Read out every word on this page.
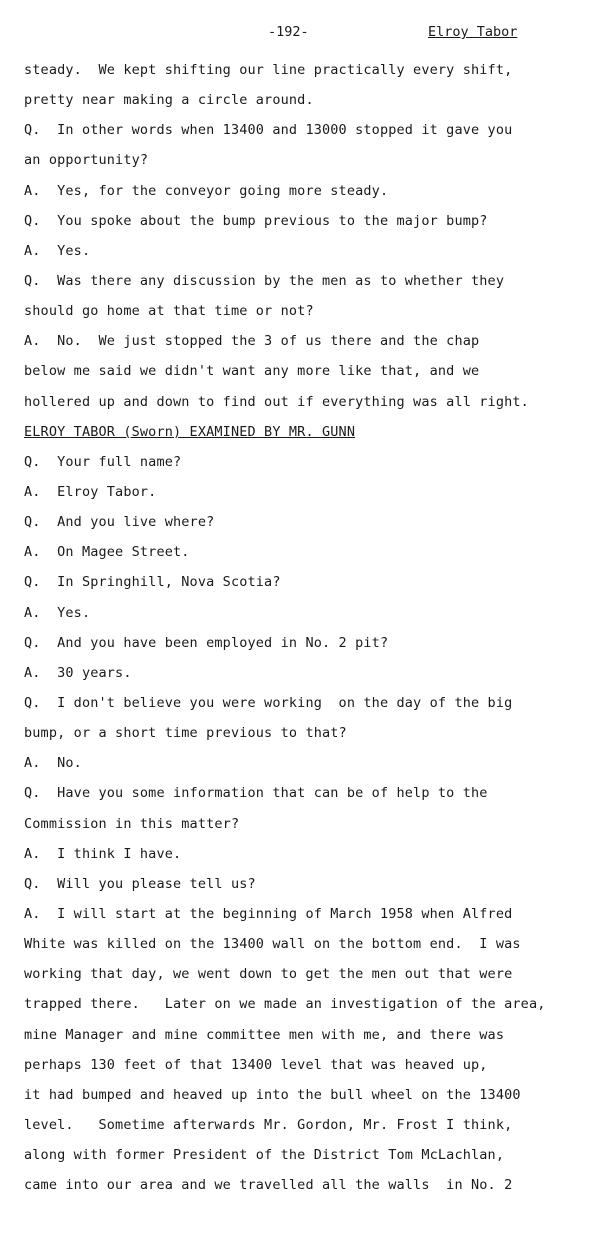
-192-	Elroy Tabor
steady.  We kept shifting our line practically every shift,
pretty near making a circle around.
Q.  In other words when 13400 and 13000 stopped it gave you
an opportunity?
A.  Yes, for the conveyor going more steady.
Q.  You spoke about the bump previous to the major bump?
A.  Yes.
Q.  Was there any discussion by the men as to whether they
should go home at that time or not?
A.  No.  We just stopped the 3 of us there and the chap
below me said we didn't want any more like that, and we
hollered up and down to find out if everything was all right.
ELROY TABOR (Sworn) EXAMINED BY MR. GUNN
Q.  Your full name?
A.  Elroy Tabor.
Q.  And you live where?
A.  On Magee Street.
Q.  In Springhill, Nova Scotia?
A.  Yes.
Q.  And you have been employed in No. 2 pit?
A.  30 years.
Q.  I don't believe you were working  on the day of the big
bump, or a short time previous to that?
A.  No.
Q.  Have you some information that can be of help to the
Commission in this matter?
A.  I think I have.
Q.  Will you please tell us?
A.  I will start at the beginning of March 1958 when Alfred
White was killed on the 13400 wall on the bottom end.  I was
working that day, we went down to get the men out that were
trapped there.   Later on we made an investigation of the area,
mine Manager and mine committee men with me, and there was
perhaps 130 feet of that 13400 level that was heaved up,
it had bumped and heaved up into the bull wheel on the 13400
level.   Sometime afterwards Mr. Gordon, Mr. Frost I think,
along with former President of the District Tom McLachlan,
came into our area and we travelled all the walls  in No. 2
